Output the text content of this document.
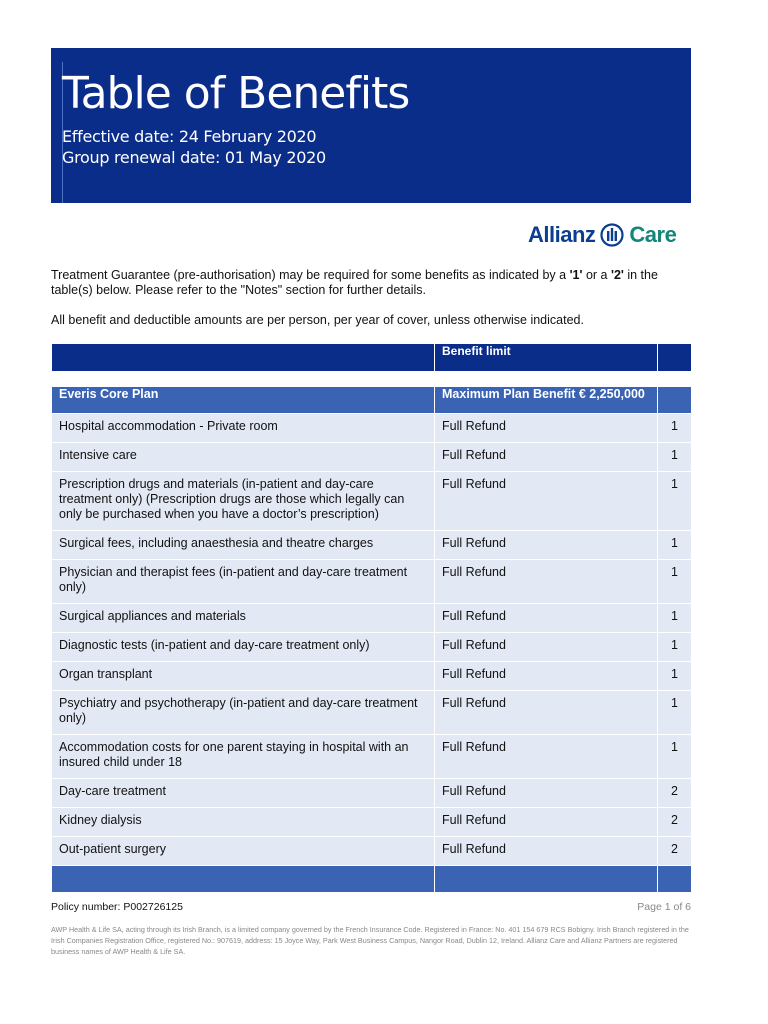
Table of Benefits
Effective date: 24 February 2020
Group renewal date: 01 May 2020
Allianz Care
Treatment Guarantee (pre-authorisation) may be required for some benefits as indicated by a '1' or a '2' in the table(s) below. Please refer to the "Notes" section for further details.
All benefit and deductible amounts are per person, per year of cover, unless otherwise indicated.
	Benefit limit	

Everis Core Plan	Maximum Plan Benefit € 2,250,000	
Hospital accommodation - Private room	Full Refund	1
Intensive care	Full Refund	1
Prescription drugs and materials (in-patient and day-care treatment only) (Prescription drugs are those which legally can only be purchased when you have a doctor’s prescription)	Full Refund	1
Surgical fees, including anaesthesia and theatre charges	Full Refund	1
Physician and therapist fees (in-patient and day-care treatment only)	Full Refund	1
Surgical appliances and materials	Full Refund	1
Diagnostic tests (in-patient and day-care treatment only)	Full Refund	1
Organ transplant	Full Refund	1
Psychiatry and psychotherapy (in-patient and day-care treatment only)	Full Refund	1
Accommodation costs for one parent staying in hospital with an insured child under 18	Full Refund	1
Day-care treatment	Full Refund	2
Kidney dialysis	Full Refund	2
Out-patient surgery	Full Refund	2

Policy number: P002726125	Page 1 of 6
AWP Health & Life SA, acting through its Irish Branch, is a limited company governed by the French Insurance Code. Registered in France: No. 401 154 679 RCS Bobigny. Irish Branch registered in the Irish Companies Registration Office, registered No.: 907619, address: 15 Joyce Way, Park West Business Campus, Nangor Road, Dublin 12, Ireland. Allianz Care and Allianz Partners are registered business names of AWP Health & Life SA.
